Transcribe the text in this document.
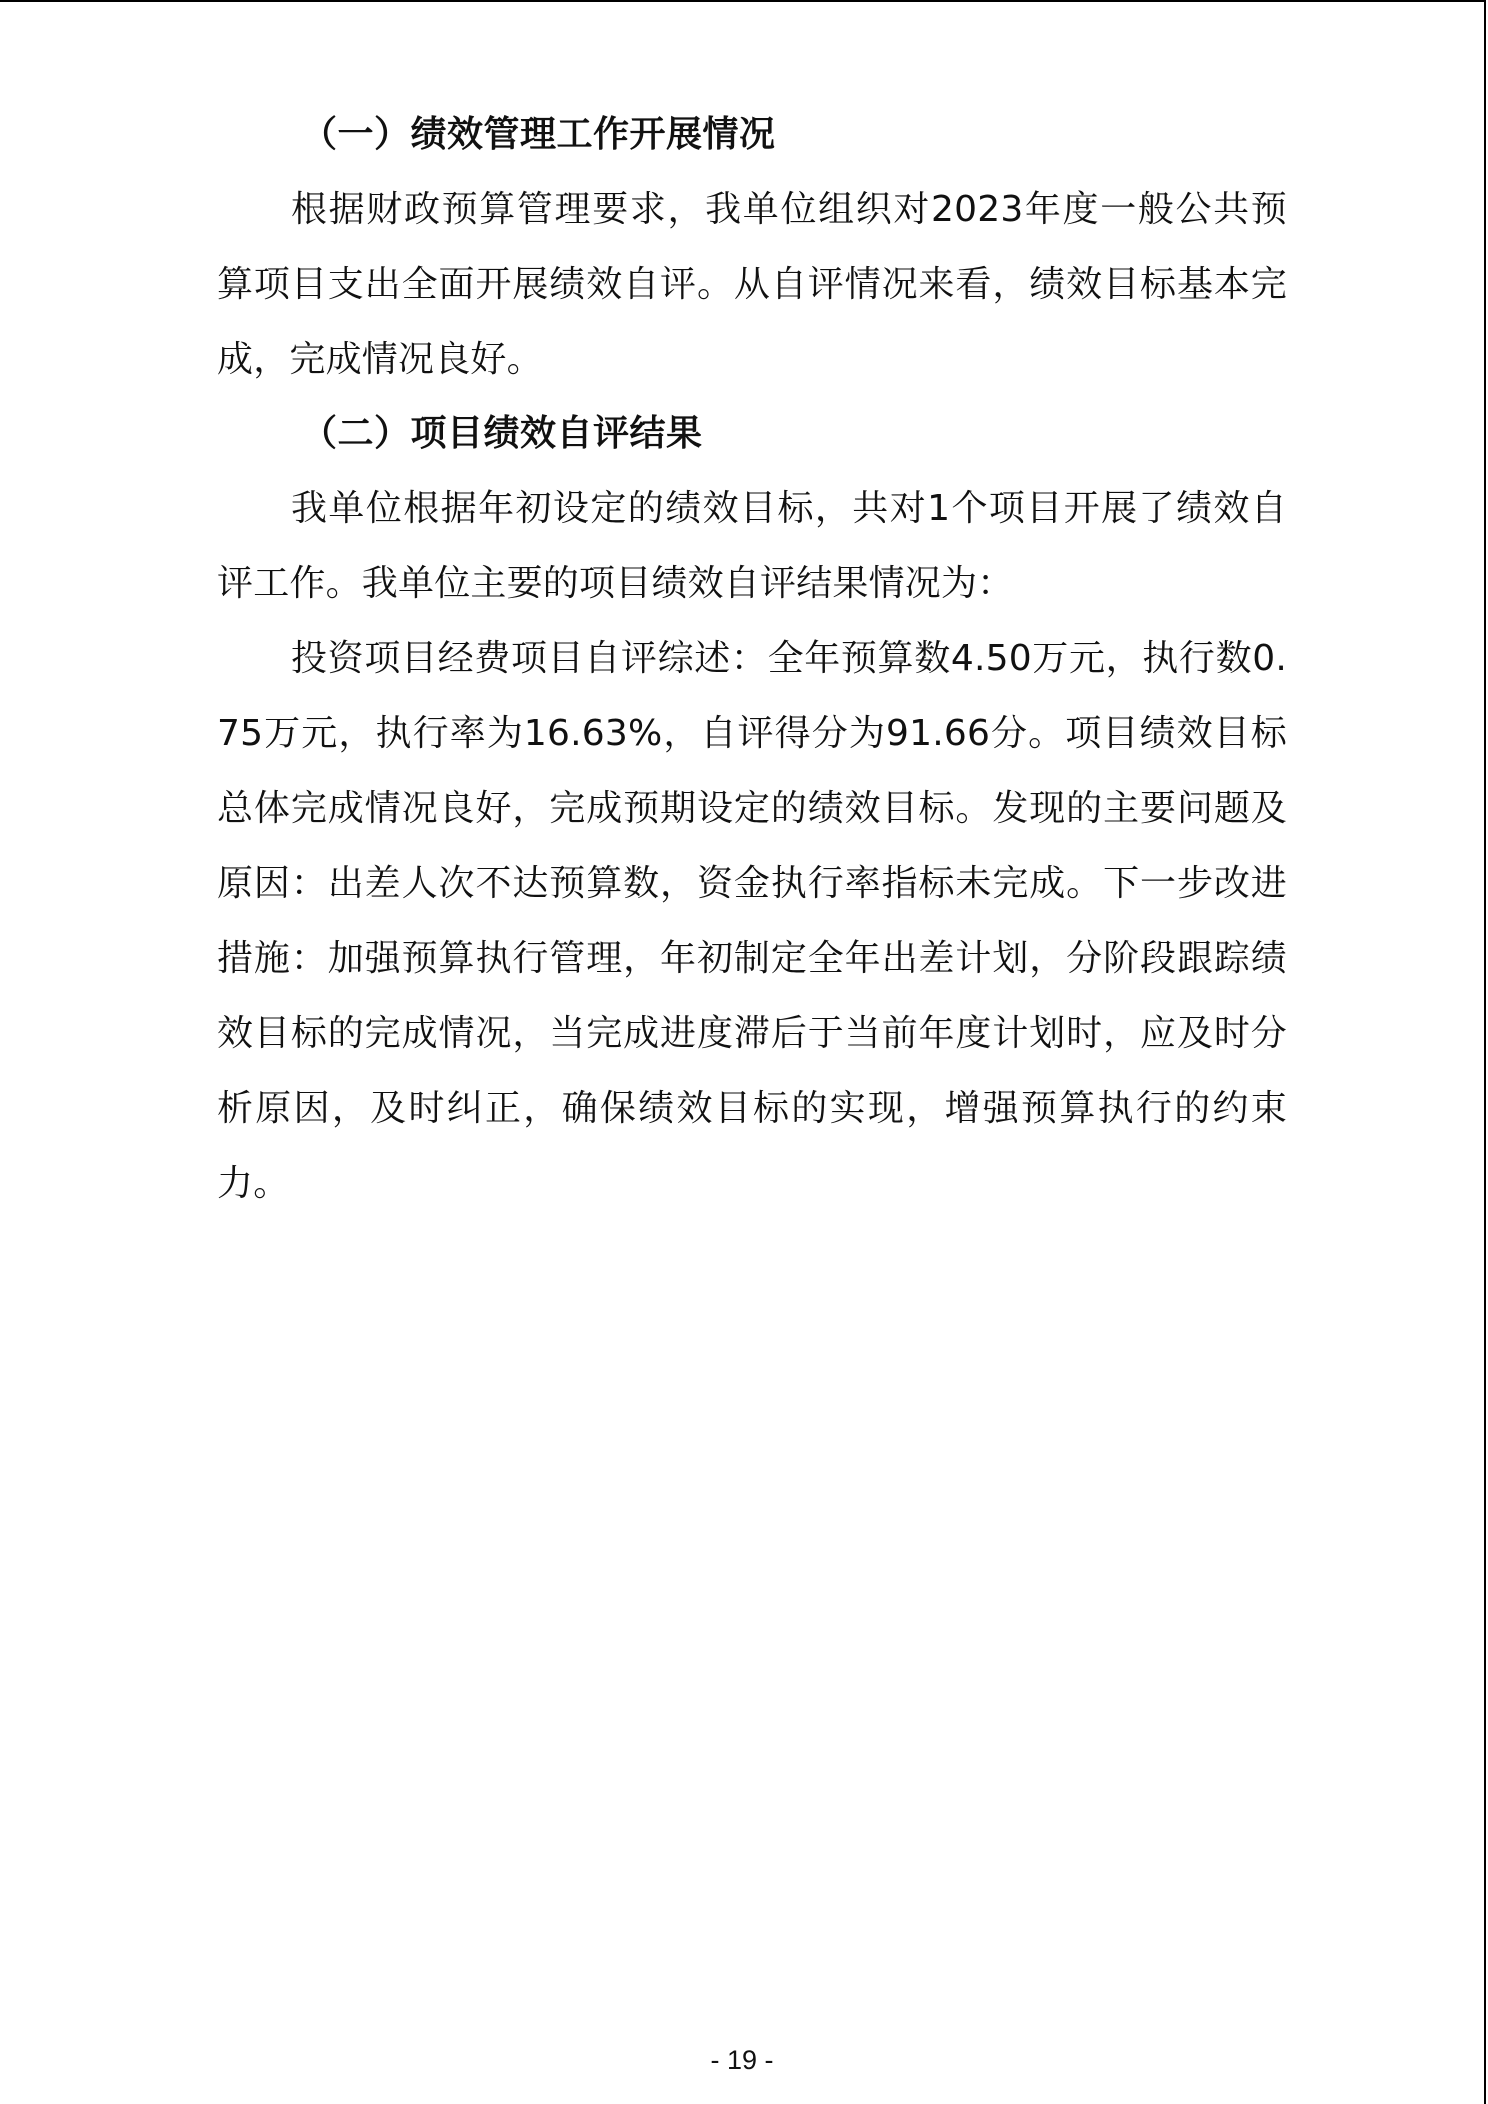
（一）绩效管理工作开展情况

根据财政预算管理要求，我单位组织对2023年度一般公共预算项目支出全面开展绩效自评。从自评情况来看，绩效目标基本完成，完成情况良好。

（二）项目绩效自评结果

我单位根据年初设定的绩效目标，共对1个项目开展了绩效自评工作。我单位主要的项目绩效自评结果情况为：

投资项目经费项目自评综述：全年预算数4.50万元，执行数0.75万元，执行率为16.63%，自评得分为91.66分。项目绩效目标总体完成情况良好，完成预期设定的绩效目标。发现的主要问题及原因：出差人次不达预算数，资金执行率指标未完成。下一步改进措施：加强预算执行管理，年初制定全年出差计划，分阶段跟踪绩效目标的完成情况，当完成进度滞后于当前年度计划时，应及时分析原因，及时纠正，确保绩效目标的实现，增强预算执行的约束力。

- 19 -
